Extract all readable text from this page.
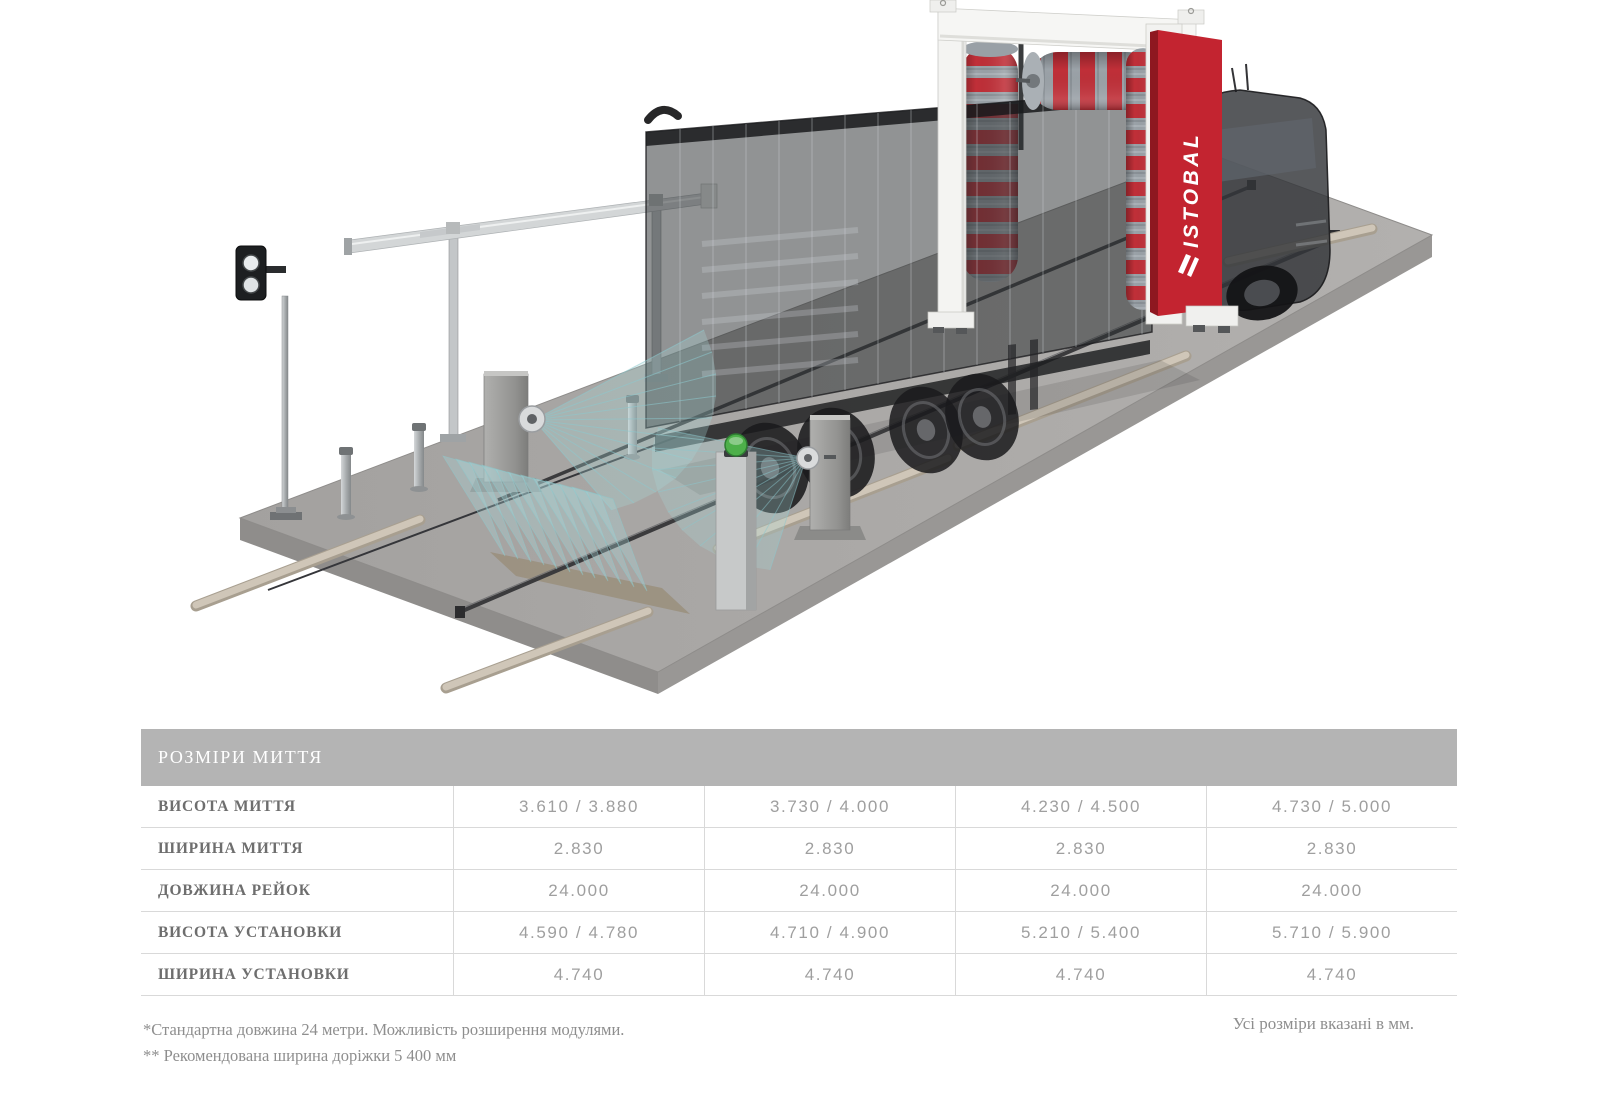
ISTOBAL
РОЗМІРИ МИТТЯ
ВИСОТА МИТТЯ	3.610 / 3.880	3.730 / 4.000	4.230 / 4.500	4.730 / 5.000
ШИРИНА МИТТЯ	2.830	2.830	2.830	2.830
ДОВЖИНА РЕЙОК	24.000	24.000	24.000	24.000
ВИСОТА УСТАНОВКИ	4.590 / 4.780	4.710 / 4.900	5.210 / 5.400	5.710 / 5.900
ШИРИНА УСТАНОВКИ	4.740	4.740	4.740	4.740
*Стандартна довжина 24 метри. Можливість розширення модулями.
** Рекомендована ширина доріжки 5 400 мм
Усі розміри вказані в мм.
